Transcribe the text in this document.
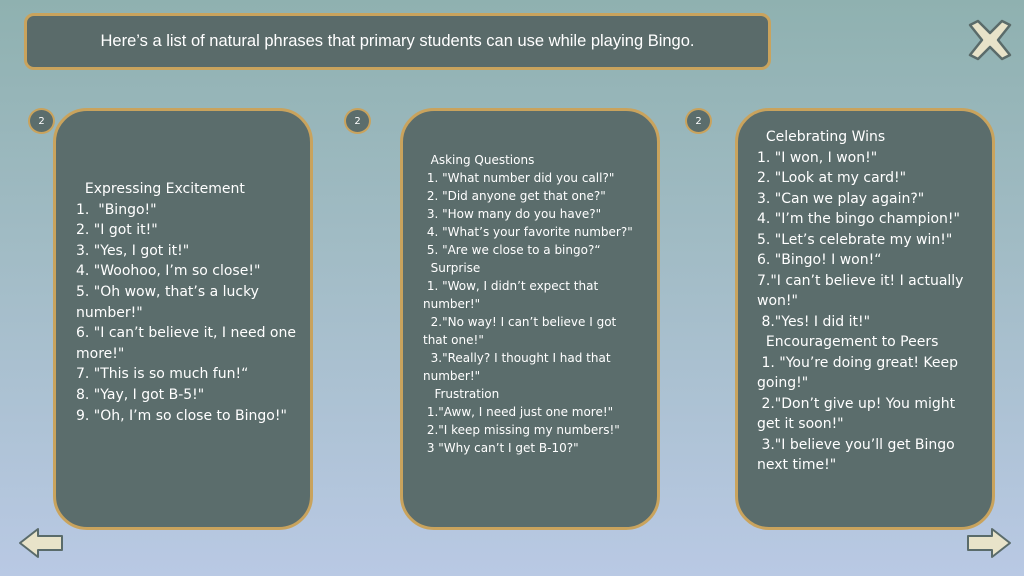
Here’s a list of natural phrases that primary students can use while playing Bingo.
2	2	2
Expressing Excitement
1.  "Bingo!"
2. "I got it!"
3. "Yes, I got it!"
4. "Woohoo, I’m so close!"
5. "Oh wow, that’s a lucky
number!"
6. "I can’t believe it, I need one
more!"
7. "This is so much fun!“
8. "Yay, I got B-5!"
9. "Oh, I’m so close to Bingo!"
Asking Questions
1. "What number did you call?"
2. "Did anyone get that one?"
3. "How many do you have?"
4. "What’s your favorite number?"
5. "Are we close to a bingo?“
Surprise
1. "Wow, I didn’t expect that
number!"
2."No way! I can’t believe I got
that one!"
3."Really? I thought I had that
number!"
Frustration
1."Aww, I need just one more!"
2."I keep missing my numbers!"
3 "Why can’t I get B-10?"
Celebrating Wins
1. "I won, I won!"
2. "Look at my card!"
3. "Can we play again?"
4. "I’m the bingo champion!"
5. "Let’s celebrate my win!"
6. "Bingo! I won!“
7."I can’t believe it! I actually
won!"
8."Yes! I did it!"
Encouragement to Peers
1. "You’re doing great! Keep
going!"
2."Don’t give up! You might
get it soon!"
3."I believe you’ll get Bingo
next time!"
